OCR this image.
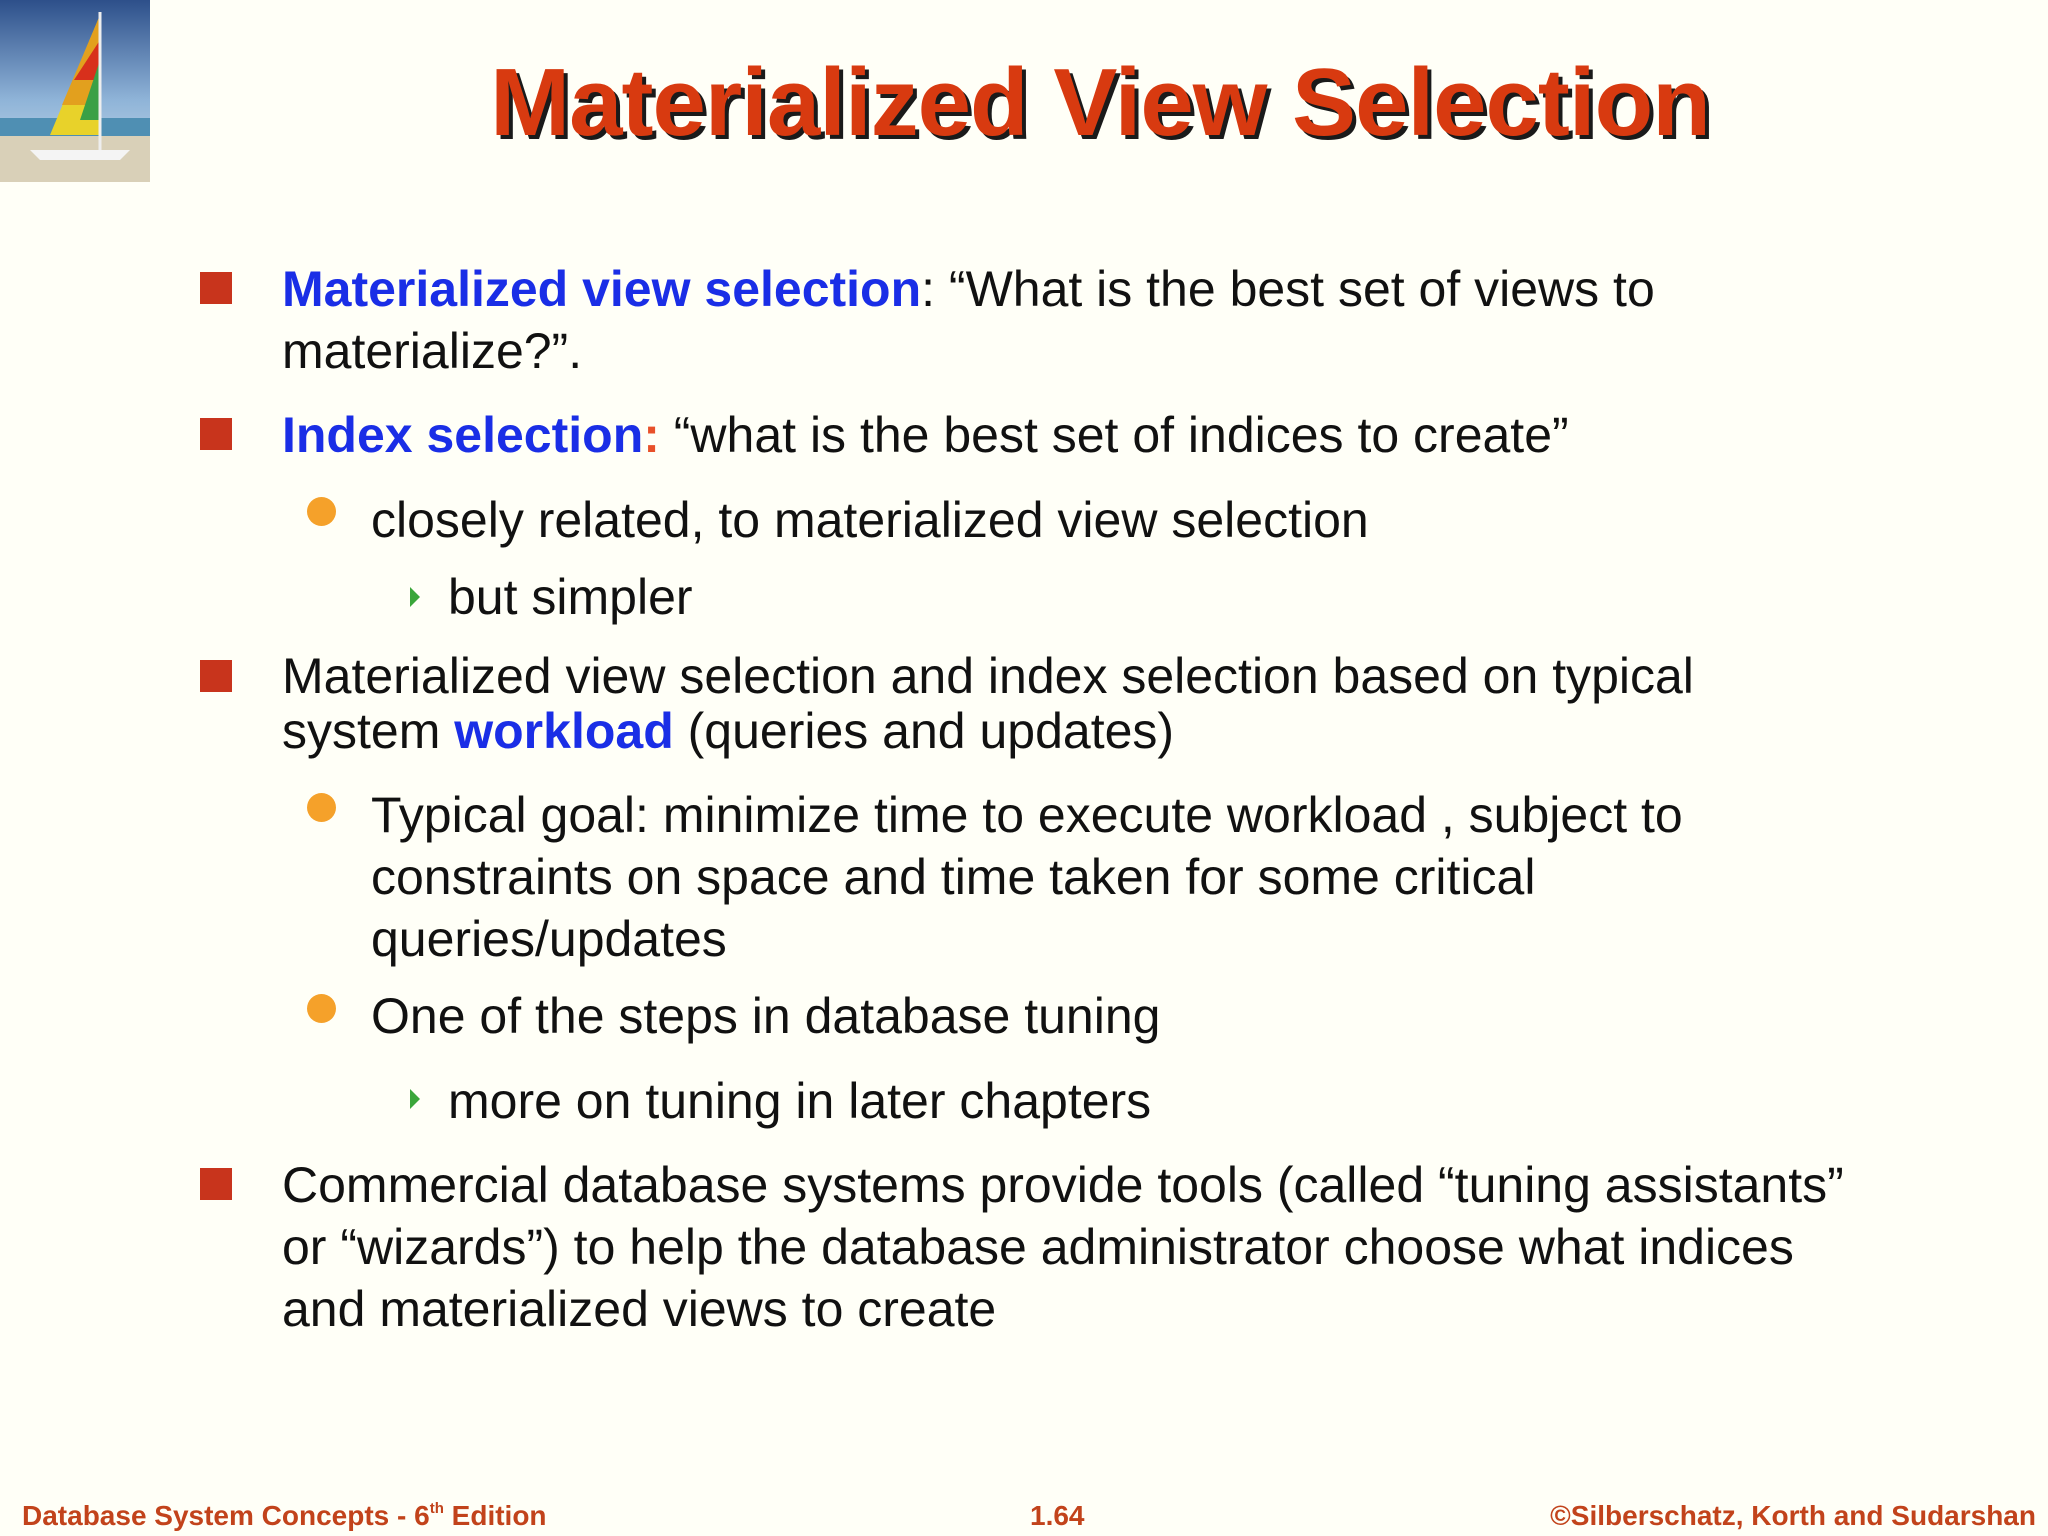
Materialized View Selection
Materialized view selection: “What is the best set of views to
materialize?”.
Index selection: “what is the best set of indices to create”
closely related, to materialized view selection
but simpler
Materialized view selection and index selection based on typical
system workload (queries and updates)
Typical goal: minimize time to execute workload , subject to
constraints on space and time taken for some critical
queries/updates
One of the steps in database tuning
more on tuning in later chapters
Commercial database systems provide tools (called “tuning assistants”
or “wizards”) to help the database administrator choose what indices
and materialized views to create
Database System Concepts - 6th Edition	1.64	©Silberschatz, Korth and Sudarshan
